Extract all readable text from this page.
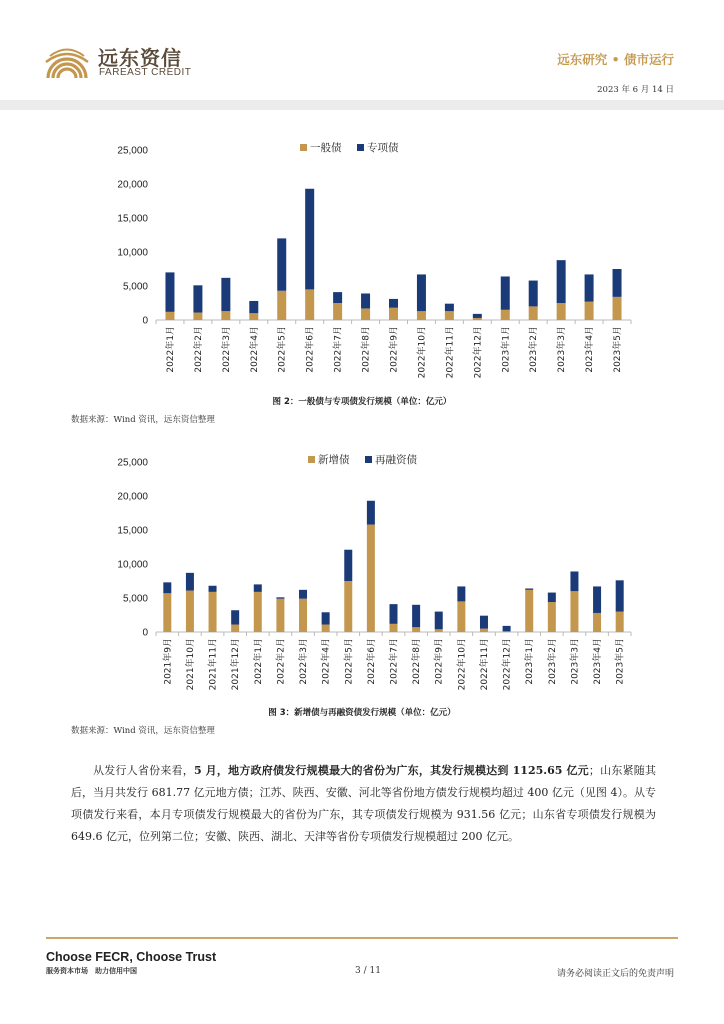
远东资信
FAREAST CREDIT
远东研究 • 债市运行
2023 年 6 月 14 日
0
5,000
10,000
15,000
20,000
25,000	一般债 专项债
2022年1月 2022年2月 2022年3月 2022年4月 2022年5月 2022年6月 2022年7月 2022年8月 2022年9月 2022年10月 2022年11月 2022年12月 2023年1月 2023年2月 2023年3月 2023年4月 2023年5月
图 2：一般债与专项债发行规模（单位：亿元）
数据来源：Wind 资讯，远东资信整理
0
5,000
10,000
15,000
20,000
25,000	新增债 再融资债
2021年9月 2021年10月 2021年11月 2021年12月 2022年1月 2022年2月 2022年3月 2022年4月 2022年5月 2022年6月 2022年7月 2022年8月 2022年9月 2022年10月 2022年11月 2022年12月 2023年1月 2023年2月 2023年3月 2023年4月 2023年5月
图 3：新增债与再融资债发行规模（单位：亿元）
数据来源：Wind 资讯，远东资信整理
从发行人省份来看，5 月，地方政府债发行规模最大的省份为广东，其发行规模达到 1125.65 亿元；山东紧随其后，当月共发行 681.77 亿元地方债；江苏、陕西、安徽、河北等省份地方债发行规模均超过 400 亿元（见图 4）。从专项债发行来看，本月专项债发行规模最大的省份为广东，其专项债发行规模为 931.56 亿元；山东省专项债发行规模为 649.6 亿元，位列第二位；安徽、陕西、湖北、天津等省份专项债发行规模超过 200 亿元。
Choose FECR, Choose Trust
服务资本市场　助力信用中国	3 / 11	请务必阅读正文后的免责声明
